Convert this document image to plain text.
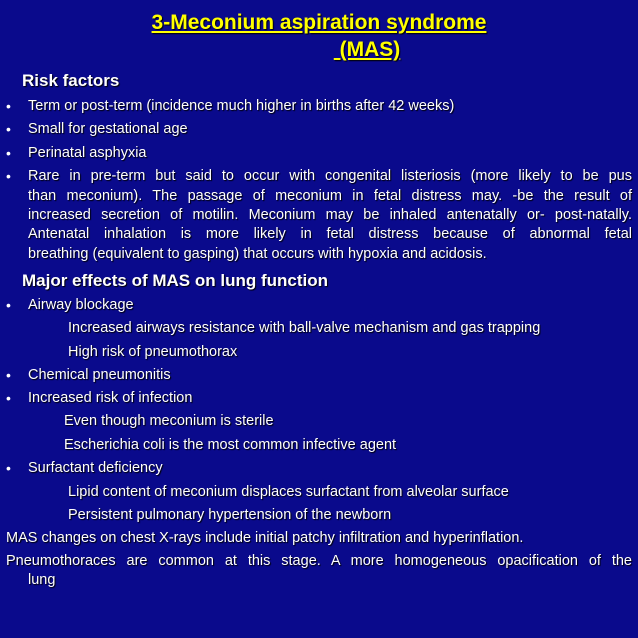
3-Meconium aspiration syndrome
(MAS)
Risk factors
• Term or post-term (incidence much higher in births after 42 weeks)
• Small for gestational age
• Perinatal asphyxia
• Rare in pre-term but said to occur with congenital listeriosis (more likely to be pus
than meconium). The passage of meconium in fetal distress may. -be the result of
increased secretion of motilin. Meconium may be inhaled antenatally or- post-natally.
Antenatal inhalation is more likely in fetal distress because of abnormal fetal
breathing (equivalent to gasping) that occurs with hypoxia and acidosis.
Major effects of MAS on lung function
• Airway blockage
Increased airways resistance with ball-valve mechanism and gas trapping
High risk of pneumothorax
• Chemical pneumonitis
• Increased risk of infection
Even though meconium is sterile
Escherichia coli is the most common infective agent
• Surfactant deficiency
Lipid content of meconium displaces surfactant from alveolar surface
Persistent pulmonary hypertension of the newborn
MAS changes on chest X-rays include initial patchy infiltration and hyperinflation.
Pneumothoraces are common at this stage. A more homogeneous opacification of the
lung
